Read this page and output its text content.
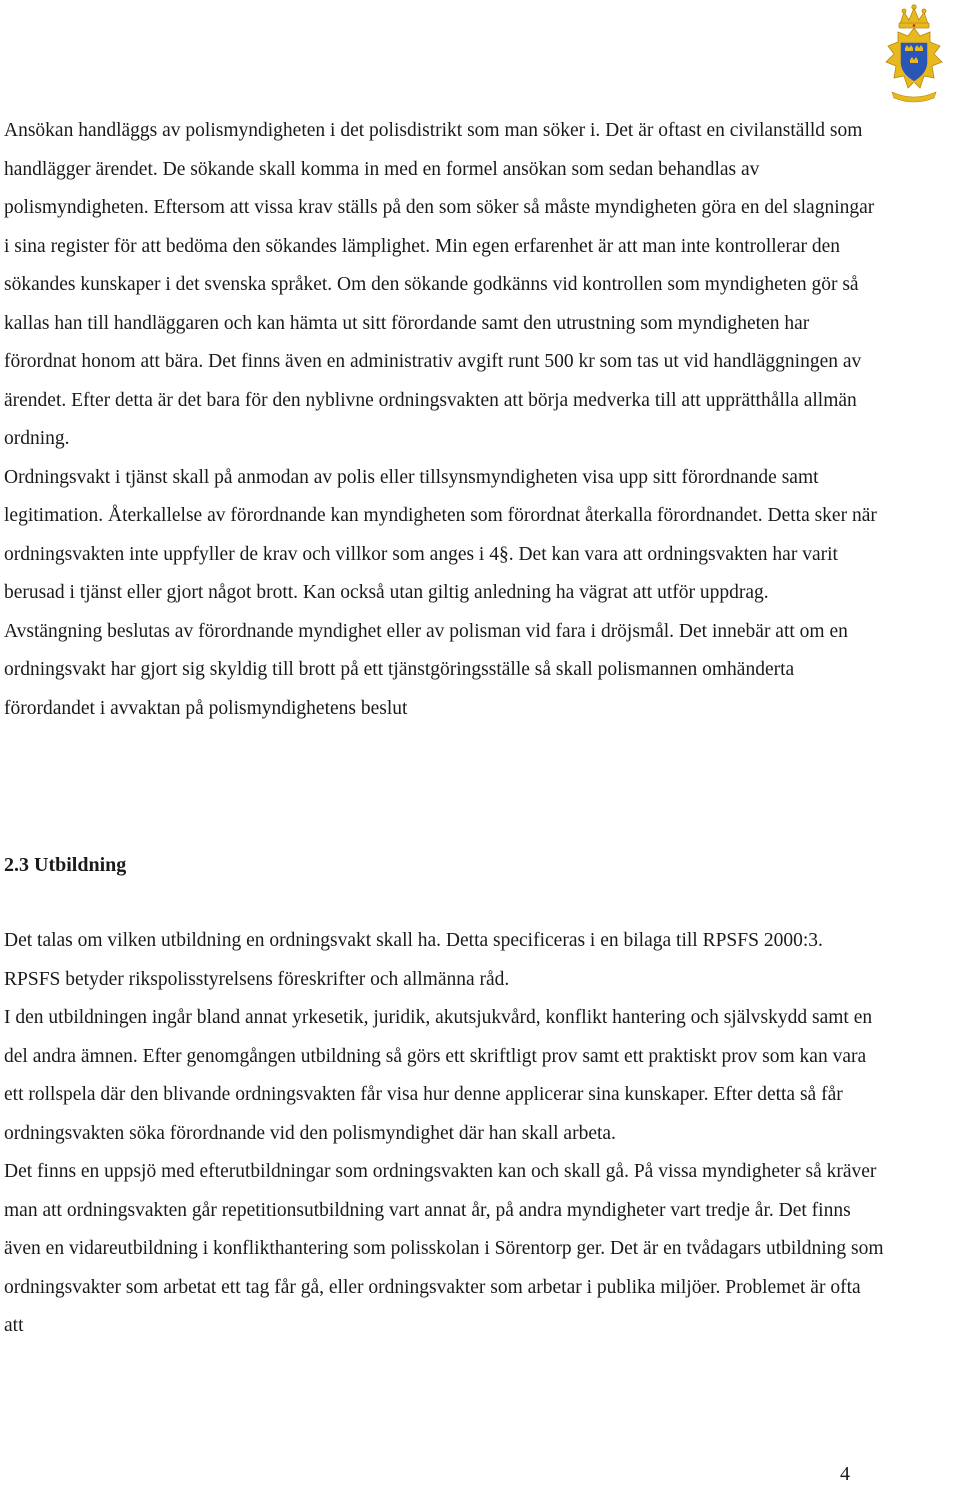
Ansökan handläggs av polismyndigheten i det polisdistrikt som man söker i. Det är oftast en civilanställd som handlägger ärendet. De sökande skall komma in med en formel ansökan som sedan behandlas av polismyndigheten. Eftersom att vissa krav ställs på den som söker så måste myndigheten göra en del slagningar i sina register för att bedöma den sökandes lämplighet. Min egen erfarenhet är att man inte kontrollerar den sökandes kunskaper i det svenska språket. Om den sökande godkänns vid kontrollen som myndigheten gör så kallas han till handläggaren och kan hämta ut sitt förordande samt den utrustning som myndigheten har förordnat honom att bära. Det finns även en administrativ avgift runt 500 kr som tas ut vid handläggningen av ärendet. Efter detta är det bara för den nyblivne ordningsvakten att börja medverka till att upprätthålla allmän ordning.

Ordningsvakt i tjänst skall på anmodan av polis eller tillsynsmyndigheten visa upp sitt förordnande samt legitimation. Återkallelse av förordnande kan myndigheten som förordnat återkalla förordnandet. Detta sker när ordningsvakten inte uppfyller de krav och villkor som anges i 4§. Det kan vara att ordningsvakten har varit berusad i tjänst eller gjort något brott. Kan också utan giltig anledning ha vägrat att utför uppdrag.

Avstängning beslutas av förordnande myndighet eller av polisman vid fara i dröjsmål. Det innebär att om en ordningsvakt har gjort sig skyldig till brott på ett tjänstgöringsställe så skall polismannen omhänderta förordandet i avvaktan på polismyndighetens beslut

2.3 Utbildning

Det talas om vilken utbildning en ordningsvakt skall ha. Detta specificeras i en bilaga till RPSFS 2000:3. RPSFS betyder rikspolisstyrelsens föreskrifter och allmänna råd.

I den utbildningen ingår bland annat yrkesetik, juridik, akutsjukvård, konflikt hantering och självskydd samt en del andra ämnen. Efter genomgången utbildning så görs ett skriftligt prov samt ett praktiskt prov som kan vara ett rollspela där den blivande ordningsvakten får visa hur denne applicerar sina kunskaper. Efter detta så får ordningsvakten söka förordnande vid den polismyndighet där han skall arbeta.

Det finns en uppsjö med efterutbildningar som ordningsvakten kan och skall gå. På vissa myndigheter så kräver man att ordningsvakten går repetitionsutbildning vart annat år, på andra myndigheter vart tredje år. Det finns även en vidareutbildning i konflikthantering som polisskolan i Sörentorp ger. Det är en tvådagars utbildning som ordningsvakter som arbetat ett tag får gå, eller ordningsvakter som arbetar i publika miljöer. Problemet är ofta att

4
